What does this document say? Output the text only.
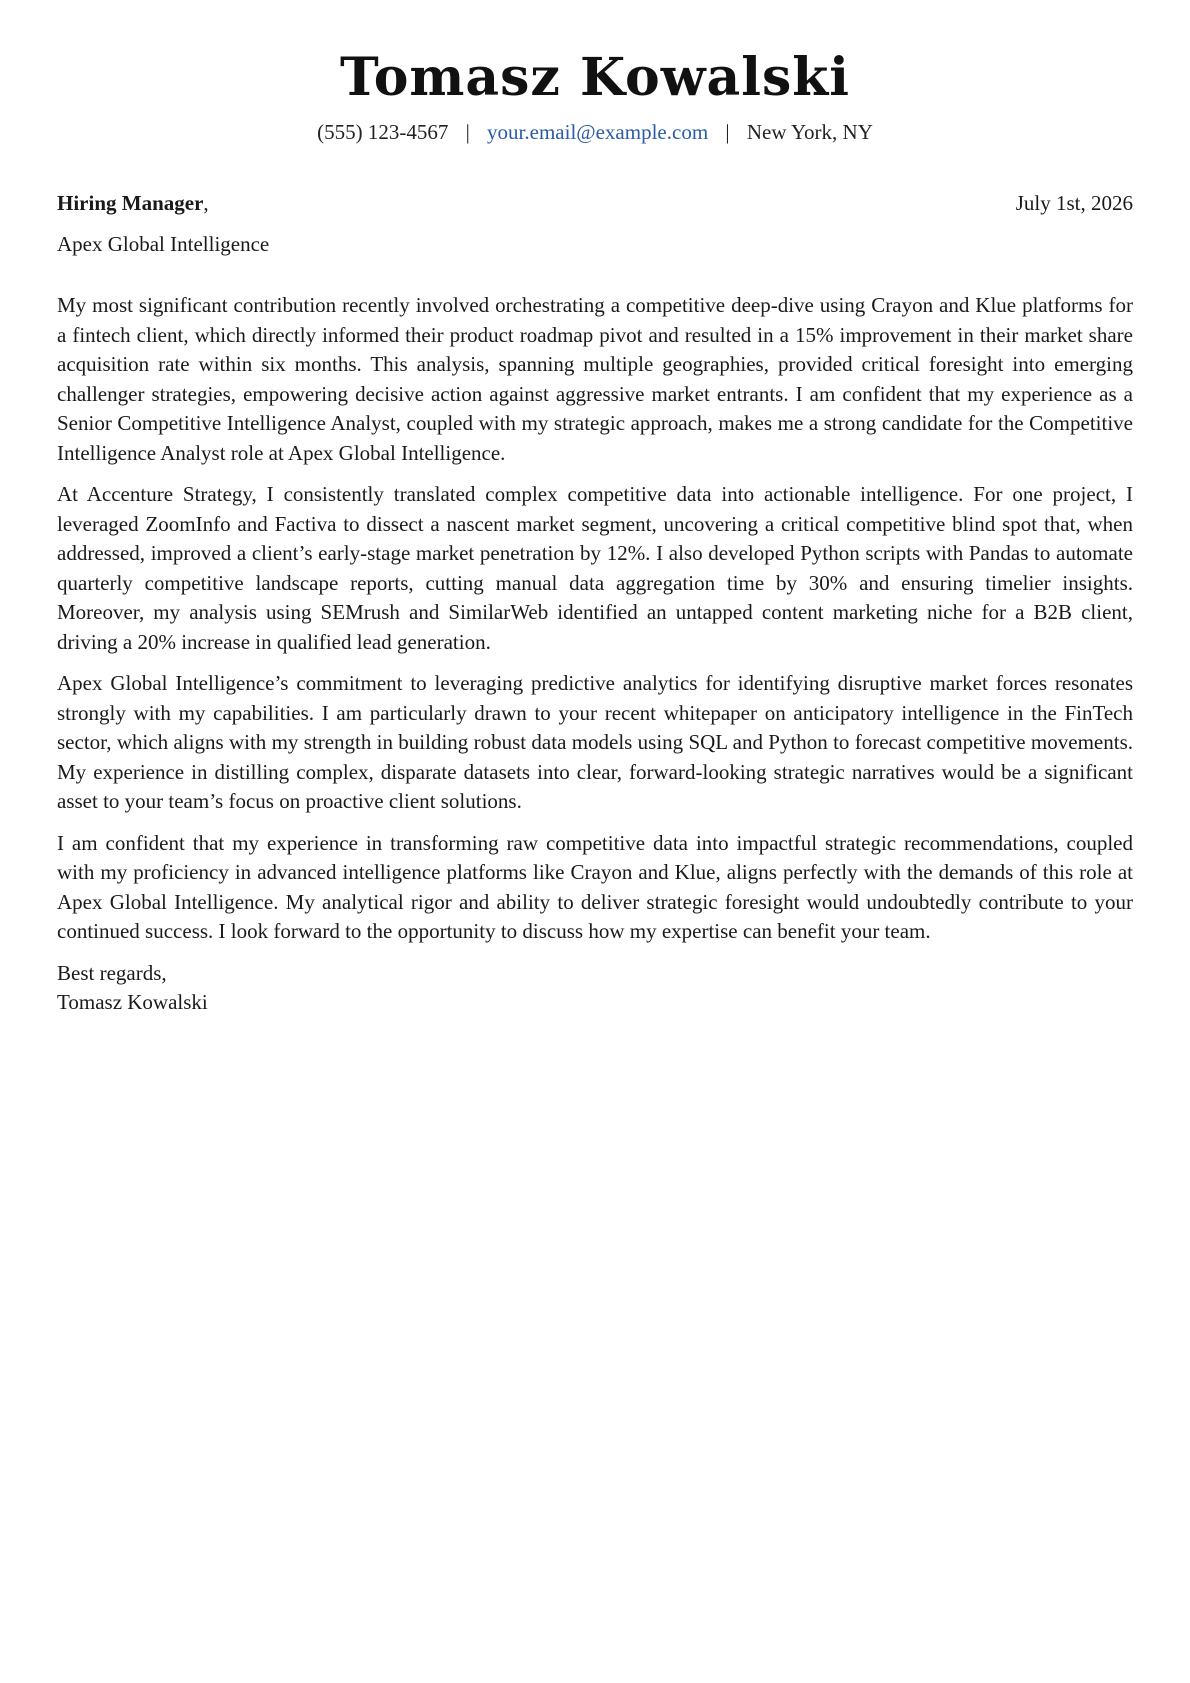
Tomasz Kowalski
(555) 123-4567 | your.email@example.com | New York, NY
Hiring Manager,	July 1st, 2026
Apex Global Intelligence

My most significant contribution recently involved orchestrating a competitive deep-dive using Crayon and Klue platforms for a fintech client, which directly informed their product roadmap pivot and resulted in a 15% improvement in their market share acquisition rate within six months. This analysis, spanning multiple geographies, provided critical foresight into emerging challenger strategies, empowering decisive action against aggressive market entrants. I am confident that my experience as a Senior Competitive Intelligence Analyst, coupled with my strategic approach, makes me a strong candidate for the Competitive Intelligence Analyst role at Apex Global Intelligence.

At Accenture Strategy, I consistently translated complex competitive data into actionable intelligence. For one project, I leveraged ZoomInfo and Factiva to dissect a nascent market segment, uncovering a critical competitive blind spot that, when addressed, improved a client’s early-stage market penetration by 12%. I also developed Python scripts with Pandas to automate quarterly competitive landscape reports, cutting manual data aggregation time by 30% and ensuring timelier insights. Moreover, my analysis using SEMrush and SimilarWeb identified an untapped content marketing niche for a B2B client, driving a 20% increase in qualified lead generation.

Apex Global Intelligence’s commitment to leveraging predictive analytics for identifying disruptive market forces resonates strongly with my capabilities. I am particularly drawn to your recent whitepaper on anticipatory intelligence in the FinTech sector, which aligns with my strength in building robust data models using SQL and Python to forecast competitive movements. My experience in distilling complex, disparate datasets into clear, forward-looking strategic narratives would be a significant asset to your team’s focus on proactive client solutions.

I am confident that my experience in transforming raw competitive data into impactful strategic recommendations, coupled with my proficiency in advanced intelligence platforms like Crayon and Klue, aligns perfectly with the demands of this role at Apex Global Intelligence. My analytical rigor and ability to deliver strategic foresight would undoubtedly contribute to your continued success. I look forward to the opportunity to discuss how my expertise can benefit your team.

Best regards,
Tomasz Kowalski
